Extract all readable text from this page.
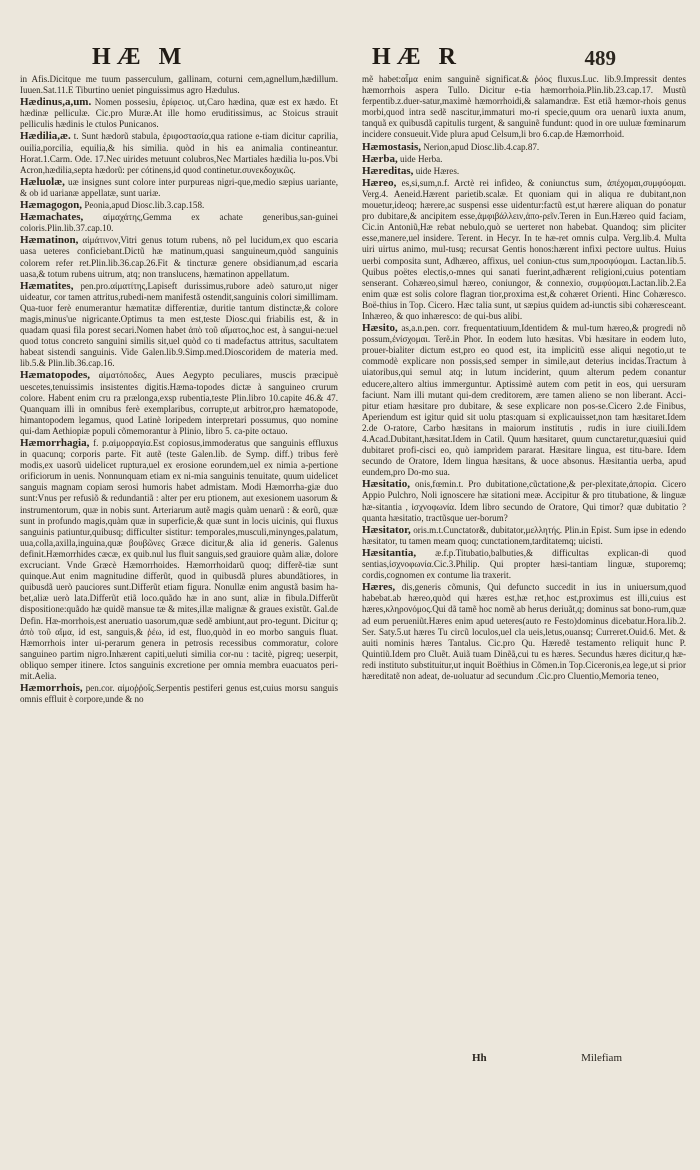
HÆ M	HÆ R	489

in Afis.Dicitque me tuum passerculum, gallinam, coturni cem,agnellum,hædillum. Iuuen.Sat.11.E Tiburtino ueniet pinguissimus agro Hædulus.

Hædinus,a,um. Nomen possesiu, ἐρίφειος. ut,Caro hædina, quæ est ex hædo. Et hædinæ pelliculæ. Cic.pro Muræ.At ille homo eruditissimus, ac Stoicus strauit pelliculis hædinis le ctulos Punicanos.

Hædilia,æ. t. Sunt hædorũ stabula, ἐριφοστασία,qua ratione e-tiam dicitur caprilia, ouilia,porcilia, equilia,& his similia. quòd in his ea animalia contineantur. Horat.1.Carm. Ode. 17.Nec uirides metuunt colubros,Nec Martiales hædilia lu-pos.Vbi Acron,hædilia,septa hædorũ: per cótinens,id quod continetur.συνεκδοχικῶς.

Hæluolæ, uæ insignes sunt colore inter purpureas nigri-que,medio sæpius uariante, & ob id uarianæ appellatæ, sunt uariæ.

Hæmagogon, Peonia,apud Diosc.lib.3.cap.158.

Hæmachates, αἱμαχάτης,Gemma ex achate generibus,san-guinei coloris.Plin.lib.37.cap.10.

Hæmatinon, αἱμάτινον,Vitri genus totum rubens, nõ pel lucidum,ex quo escaria uasa ueteres conficiebant.Dictũ hæ matinum,quasi sanguineum,quòd sanguinis colorem refer ret.Plin.lib.36.cap.26.Fit & tincturæ genere obsidianum,ad escaria uasa,& totum rubens uitrum, atq; non translucens, hæmatinon appellatum.

Hæmatites, pen.pro.αἱματίτης,Lapiseft durissimus,rubore adeò saturo,ut niger uideatur, cor tamen attritus,rubedi-nem manifestã ostendit,sanguinis colori simillimam. Qua-tuor ferè enumerantur hæmatitæ differentiæ, duritie tantum distinctæ,& colore magis,minus'ue nigricante.Optimus ta men est,teste Diosc.qui friabilis est, & in quadam quasi fila porest secari.Nomen habet ἀπὸ τοῦ αἵματος,hoc est, à sangui-ne:uel quod totus concreto sanguini similis sit,uel quòd co ti madefactus attritus, sacultatem habeat sistendi sanguinis. Vide Galen.lib.9.Simp.med.Dioscoridem de materia med. lib.5.& Plin.lib.36.cap.16.

Hæmatopodes, αἱματόποδες, Aues Aegypto peculiares, muscis præcipuè uescetes,tenuissimis insistentes digitis.Hæma-topodes dictæ à sanguineo crurum colore. Habent enim cru ra prælonga,exsp rubentia,teste Plin.libro 10.capite 46.& 47. Quanquam illi in omnibus ferè exemplaribus, corrupte,ut arbitror,pro hæmatopode, himantopodem legamus, quod Latinè loripedem interpretari possumus, quo nomine qui-dam Aethiopiæ populi cõmemorantur à Plinio, libro 5. ca-pite octauo.

Hæmorrhagia, f. p.αἱμορραγία.Est copiosus,immoderatus que sanguinis effluxus in quacunq; corporis parte. Fit autẽ (teste Galen.lib. de Symp. diff.) tribus ferè modis,ex uasorũ uidelicet ruptura,uel ex erosione eorundem,uel ex nimia a-pertione orificiorum in uenis. Nonnunquam etiam ex ni-mia sanguinis tenuitate, quum uidelicet sanguis magnam copiam serosi humoris habet admistam. Modi Hæmorrha-giæ duo sunt:Vnus per refusiõ & redundantiã : alter per eru ptionem, aut exesionem uasorum & instrumentorum, quæ in nobis sunt. Arteriarum autẽ magis quàm uenarũ : & eorũ, quæ sunt in profundo magis,quàm quæ in superficie,& quæ sunt in locis uicinis, qui fluxus sanguinis patiuntur,quibusq; difficulter sistitur: temporales,musculi,minynges,palatum, uua,colla,axilla,inguina,quæ βουβῶνες Græce dicitur,& alia id generis. Galenus definit.Hæmorrhides cæcæ, ex quib.nul lus fluit sanguis,sed grauiore quàm aliæ, dolore excruciant. Vnde Græcè Hæmorrhoides. Hæmorrhoidarũ quoq; differẽ-tiæ sunt quinque.Aut enim magnitudine differũt, quod in quibusdã plures abundãtiores, in quibusdã uerò pauciores sunt.Differũt etiam figura. Nonullæ enim angustã basim ha-bet,aliæ uerò lata.Differũt etiã loco.quãdo hæ in ano sunt, aliæ in fibula.Differũt dispositione:quãdo hæ quidẽ mansue tæ & mites,illæ malignæ & graues existũt. Gal.de Defin. Hæ-morrhois,est aneruatio uasorum,quæ sedẽ ambiunt,aut pro-tegunt. Dicitur q; ἀπὸ τοῦ αἵμα, id est, sanguis,& ῥέω, id est, fluo,quòd in eo morbo sanguis fluat. Hæmorrhois inter ui-perarum genera in petrosis recessibus commoratur, colore sanguineo partim nigro.Inhærent capiti,ueluti similia cor-nu : tacitè, pigreq; ueserpit, obliquo semper itinere. Ictos sanguinis excretione per omnia membra euacuatos peri-mit.Aelia.

Hæmorrhois, pen.cor. αἱμοῤῥοΐς.Serpentis pestiferi genus est,cuius morsu sanguis omnis effluit è corpore,unde & no

mẽ habet:αἷμα enim sanguinẽ significat.& ῥόος fluxus.Luc. lib.9.Impressit dentes hæmorrhois aspera Tullo. Dicitur e-tia hæmorrhoia.Plin.lib.23.cap.17. Mustũ ferpentib.z.duer-satur,maximè hæmorrhoidi,& salamandræ. Est etiã hæmor-rhois genus morbi,quod intra sedẽ nascitur,immaturi mo-ri specie,quum ora uenarũ iuxta anum, tanquã ex quibusdã capitulis turgent, & sanguinẽ fundunt: quod in ore uuluæ fœminarum incidere consueuit.Vide plura apud Celsum,li bro 6.cap.de Hæmorrhoid.

Hæmostasis, Nerion,apud Diosc.lib.4.cap.87.

Hærba, uide Herba.

Hæreditas, uide Hæres.

Hæreo, es,si,sum,n.f. Arctè rei infideo, & coniunctus sum, ἀπέχομαι,συμφύομαι. Verg.4. Aeneid.Hærent parietib.scalæ. Et quoniam qui in aliqua re dubitant,non mouetur,ideoq; hærere,ac suspensi esse uidentur:factũ est,ut hærere aliquan do ponatur pro dubitare,& ancipitem esse,ἀμφιβάλλειν,ἀπο-ρεῖν.Teren in Eun.Hæreo quid faciam, Cic.in Antoniũ,Hæ rebat nebulo,quò se uerteret non habebat. Quandoq; sim pliciter esse,manere,uel insidere. Terent. in Hecyr. In te hæ-ret omnis culpa. Verg.lib.4. Multa uiri uirtus animo, mul-tusq; recursat Gentis honos:hærent infixi pectore uultus. Huius uerbi composita sunt, Adhæreo, affixus, uel coniun-ctus sum,προσφύομαι. Lactan.lib.5. Quibus poëtes electis,o-mnes qui sanati fuerint,adhærent religioni,cuius potentiam senserant. Cohæreo,simul hæreo, coniungor, & connexio, συμφύομαι.Lactan.lib.2.Ea enim quæ est solis colore flagran tior,proxima est,& cohæret Orienti. Hinc Cohæresco. Boë-thius in Top. Cicero. Hæc talia sunt, ut sæpius quidem ad-iunctis sibi cohæresceant. Inhæreo, & quo inhæresco: de qui-bus alibi.

Hæsito, as,a.n.pen. corr. frequentatiuum,Identidem & mul-tum hæreo,& progredi nõ possum,ἐνίσχομαι. Terẽ.in Phor. In eodem luto hæsitas. Vbi hæsitare in eodem luto, prouer-bialiter dictum est,pro eo quod est, ita implicitũ esse aliqui negotio,ut te commodè explicare non possis,sed semper in simile,aut deterius incidas.Tractum à uiatoribus,qui semul atq; in lutum inciderint, quum alterum pedem conantur educere,altero altius immerguntur. Aptissimè autem com petit in eos, qui uersuram faciunt. Nam illi mutant qui-dem creditorem, ære tamen alieno se non liberant. Acci-pitur etiam hæsitare pro dubitare, & sese explicare non pos-se.Cicero 2.de Finibus, Aperiendum est igitur quid sit uolu ptas:quam si explicauisset,non tam hæsitaret.Idem 2.de O-ratore, Carbo hæsitans in maiorum institutis , rudis in iure ciuili.Idem 4.Acad.Dubitant,hæsitat.Idem in Catil. Quum hæsitaret, quum cunctaretur,quæsiui quid dubitaret profi-cisci eo, quò iamprìdem pararat. Hæsitare lingua, est titu-bare. Idem secundo de Oratore, Idem lingua hæsitans, & uoce absonus. Hæsitantia uerba, apud eundem,pro Do-mo sua.

Hæsitatio, onis,fœmin.t. Pro dubitatione,cũctatione,& per-plexitate,ἀπορία. Cicero Appio Pulchro, Noli ignoscere hæ sitationi meæ. Accipitur & pro titubatione, & linguæ hæ-sitantia , ἰσχνοφωνία. Idem libro secundo de Oratore, Qui timor? quæ dubitatio ? quanta hæsitatio, tractũsque uer-borum?

Hæsitator, oris.m.t.Cunctator&, dubitator,μελλητής. Plin.in Epist. Sum ipse in edendo hæsitator, tu tamen meam quoq; cunctationem,tarditatemq; uicisti.

Hæsitantia, æ.f.p.Titubatio,balbuties,& difficultas explican-di quod sentias,ἰσχνοφωνία.Cic.3.Philip. Qui propter hæsi-tantiam linguæ, stuporemq; cordis,cognomen ex contume lia traxerit.

Hæres, dis,generis cõmunis, Qui defuncto succedit in ius in uniuersum,quod habebat.ab hæreo,quòd qui hæres est,hæ ret,hoc est,proximus est illi,cuius est hæres,κληρονόμος.Qui dã tamẽ hoc nomẽ ab herus deriuãt,q; dominus sat bono-rum,quæ ad eum perueniũt.Hæres enim apud ueteres(auto re Festo)dominus dicebatur.Hora.lib.2. Ser. Saty.5.ut hæres Tu circũ loculos,uel cla ueis,letus,ouansq; Curreret.Ouid.6. Met. & auiti nominis hæres Tantalus. Cic.pro Qu. Hæredẽ testamento reliquit hunc P. Quintiũ.Idem pro Cluẽt. Auiã tuam Dinẽã,cui tu es hæres. Secundus hæres dicitur,q hæ-redi instituto substituitur,ut inquit Boëthius in Cõmen.in Top.Ciceronis,ea lege,ut si prior hæreditatẽ non adeat, de-uoluatur ad secundum .Cic.pro Cluentio,Memoria teneo,

Hh	Milefiam
